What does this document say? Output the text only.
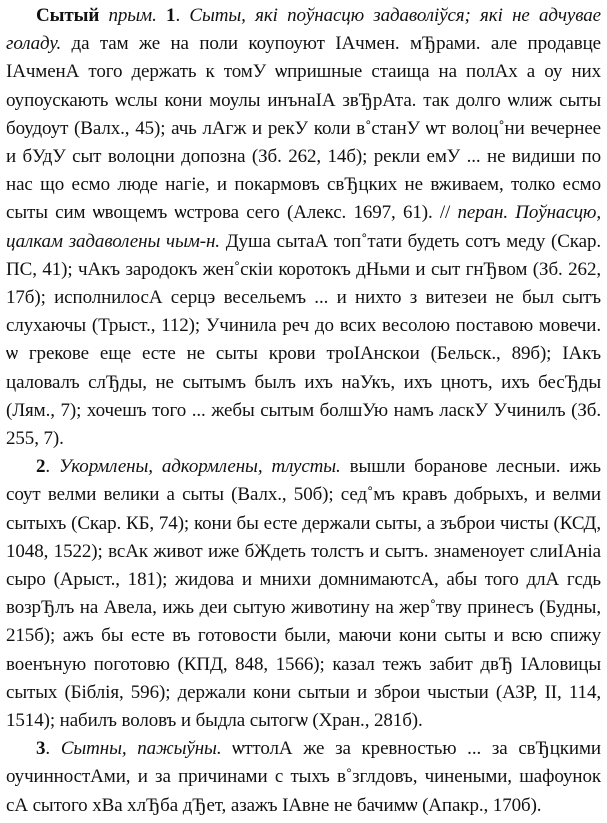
Сытый прым. 1. Сыты, які поўнасцю задаволіўся; які не адчувае голаду. да там же на поли коупоуют ІАчмен. мЂрами. але продавце ІАчменА того держать к томУ ѡпришные стаища на полАх а оу них оупоускають ѡслы кони моулы инънаІА звЂрАта. так долго ѡлиж сыты боудоут (Валх., 45); ачь лАгж и рекУ коли в˚станУ ѡт волоц˚ни вечернее и бУдУ сыт волоцни допозна (Зб. 262, 14б); рекли емУ ... не видиши по нас що есмо люде нагіе, и покармовъ свЂцких не вживаем, толко есмо сыты сим ѡвощемъ ѡстрова сего (Алекс. 1697, 61). // перан. Поўнасцю, цалкам задаволены чым-н. Душа сытаА топ˚тати будеть сотъ меду (Скар. ПС, 41); чАкъ зародокъ жен˚скіи коротокъ дНьми и сыт гнЂвом (Зб. 262, 17б); исполнилосА серцэ весельемъ ... и нихто з витезеи не был сытъ слухаючы (Трыст., 112); Учинила реч до всих весолою поставою мовечи. ѡ грекове еще есте не сыты крови троІАнскои (Бельск., 89б); ІАкъ цаловалъ слЂды, не сытымъ былъ ихъ наУкъ, ихъ цнотъ, ихъ бесЂды (Лям., 7); хочешъ того ... жебы сытым болшУю намъ ласкУ Учинилъ (Зб. 255, 7).

2. Укормлены, адкормлены, тлусты. вышли боранове лесныи. ижь соут велми велики а сыты (Валх., 50б); сед˚мъ кравъ добрыхъ, и велми сытыхъ (Скар. КБ, 74); кони бы есте держали сыты, а зъброи чисты (КСД, 1048, 1522); всАк живот иже бЖдеть толстъ и сытъ. знаменоует слиІАніа сыро (Арыст., 181); жидова и мнихи домнимаютсА, абы того длА гсдь возрЂлъ на Авела, ижь деи сытую животину на жер˚тву принесъ (Будны, 215б); ажъ бы есте въ готовости были, маючи кони сыты и всю спижу военъную поготовю (КПД, 848, 1566); казал тежъ забит двЂ ІАловицы сытых (Біблія, 596); держали кони сытыи и зброи чыстыи (АЗР, II, 114, 1514); набилъ воловъ и быдла сытогѡ (Хран., 281б).

3. Сытны, пажыўны. ѡттолА же за кревностью ... за свЂцкими оучинностАми, и за причинами с тыхъ в˚згл​довъ, чинеными, шафоунок сА сытого хВа хлЂба дЂет, азажъ ІАвне не бачимѡ (Апакр., 170б).
